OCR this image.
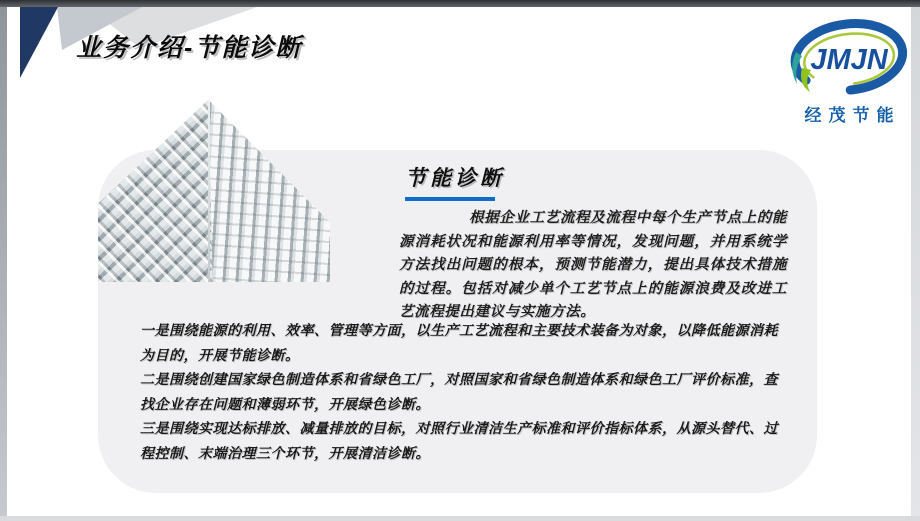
业务介绍-节能诊断	JMJN
经茂节能
节能诊断
根据企业工艺流程及流程中每个生产节点上的能源消耗状况和能源利用率等情况，发现问题，并用系统学方法找出问题的根本，预测节能潜力，提出具体技术措施的过程。包括对减少单个工艺节点上的能源浪费及改进工艺流程提出建议与实施方法。

一是围绕能源的利用、效率、管理等方面，以生产工艺流程和主要技术装备为对象，以降低能源消耗为目的，开展节能诊断。

二是围绕创建国家绿色制造体系和省绿色工厂，对照国家和省绿色制造体系和绿色工厂评价标准，查找企业存在问题和薄弱环节，开展绿色诊断。

三是围绕实现达标排放、减量排放的目标，对照行业清洁生产标准和评价指标体系，从源头替代、过程控制、末端治理三个环节，开展清洁诊断。
